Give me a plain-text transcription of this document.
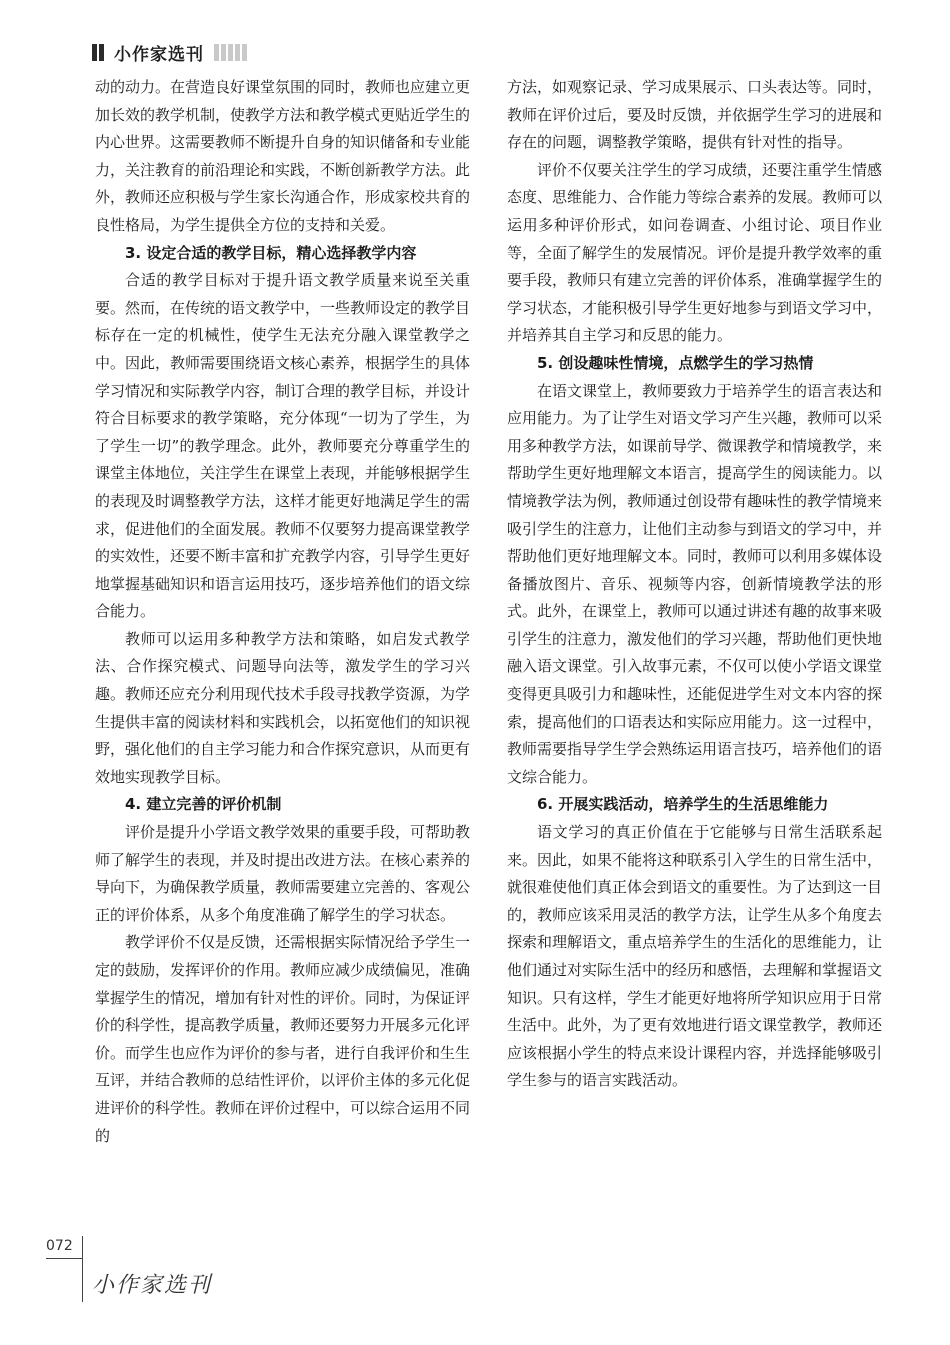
小作家选刊

动的动力。在营造良好课堂氛围的同时，教师也应建立更加长效的教学机制，使教学方法和教学模式更贴近学生的内心世界。这需要教师不断提升自身的知识储备和专业能力，关注教育的前沿理论和实践，不断创新教学方法。此外，教师还应积极与学生家长沟通合作，形成家校共育的良性格局，为学生提供全方位的支持和关爱。

3. 设定合适的教学目标，精心选择教学内容

合适的教学目标对于提升语文教学质量来说至关重要。然而，在传统的语文教学中，一些教师设定的教学目标存在一定的机械性，使学生无法充分融入课堂教学之中。因此，教师需要围绕语文核心素养，根据学生的具体学习情况和实际教学内容，制订合理的教学目标，并设计符合目标要求的教学策略，充分体现“一切为了学生，为了学生一切”的教学理念。此外，教师要充分尊重学生的课堂主体地位，关注学生在课堂上表现，并能够根据学生的表现及时调整教学方法，这样才能更好地满足学生的需求，促进他们的全面发展。教师不仅要努力提高课堂教学的实效性，还要不断丰富和扩充教学内容，引导学生更好地掌握基础知识和语言运用技巧，逐步培养他们的语文综合能力。

教师可以运用多种教学方法和策略，如启发式教学法、合作探究模式、问题导向法等，激发学生的学习兴趣。教师还应充分利用现代技术手段寻找教学资源，为学生提供丰富的阅读材料和实践机会，以拓宽他们的知识视野，强化他们的自主学习能力和合作探究意识，从而更有效地实现教学目标。

4. 建立完善的评价机制

评价是提升小学语文教学效果的重要手段，可帮助教师了解学生的表现，并及时提出改进方法。在核心素养的导向下，为确保教学质量，教师需要建立完善的、客观公正的评价体系，从多个角度准确了解学生的学习状态。

教学评价不仅是反馈，还需根据实际情况给予学生一定的鼓励，发挥评价的作用。教师应减少成绩偏见，准确掌握学生的情况，增加有针对性的评价。同时，为保证评价的科学性，提高教学质量，教师还要努力开展多元化评价。而学生也应作为评价的参与者，进行自我评价和生生互评，并结合教师的总结性评价，以评价主体的多元化促进评价的科学性。教师在评价过程中，可以综合运用不同的

方法，如观察记录、学习成果展示、口头表达等。同时，教师在评价过后，要及时反馈，并依据学生学习的进展和存在的问题，调整教学策略，提供有针对性的指导。

评价不仅要关注学生的学习成绩，还要注重学生情感态度、思维能力、合作能力等综合素养的发展。教师可以运用多种评价形式，如问卷调查、小组讨论、项目作业等，全面了解学生的发展情况。评价是提升教学效率的重要手段，教师只有建立完善的评价体系，准确掌握学生的学习状态，才能积极引导学生更好地参与到语文学习中，并培养其自主学习和反思的能力。

5. 创设趣味性情境，点燃学生的学习热情

在语文课堂上，教师要致力于培养学生的语言表达和应用能力。为了让学生对语文学习产生兴趣，教师可以采用多种教学方法，如课前导学、微课教学和情境教学，来帮助学生更好地理解文本语言，提高学生的阅读能力。以情境教学法为例，教师通过创设带有趣味性的教学情境来吸引学生的注意力，让他们主动参与到语文的学习中，并帮助他们更好地理解文本。同时，教师可以利用多媒体设备播放图片、音乐、视频等内容，创新情境教学法的形式。此外，在课堂上，教师可以通过讲述有趣的故事来吸引学生的注意力，激发他们的学习兴趣，帮助他们更快地融入语文课堂。引入故事元素，不仅可以使小学语文课堂变得更具吸引力和趣味性，还能促进学生对文本内容的探索，提高他们的口语表达和实际应用能力。这一过程中，教师需要指导学生学会熟练运用语言技巧，培养他们的语文综合能力。

6. 开展实践活动，培养学生的生活思维能力

语文学习的真正价值在于它能够与日常生活联系起来。因此，如果不能将这种联系引入学生的日常生活中，就很难使他们真正体会到语文的重要性。为了达到这一目的，教师应该采用灵活的教学方法，让学生从多个角度去探索和理解语文，重点培养学生的生活化的思维能力，让他们通过对实际生活中的经历和感悟，去理解和掌握语文知识。只有这样，学生才能更好地将所学知识应用于日常生活中。此外，为了更有效地进行语文课堂教学，教师还应该根据小学生的特点来设计课程内容，并选择能够吸引学生参与的语言实践活动。

072
小作家选刊
